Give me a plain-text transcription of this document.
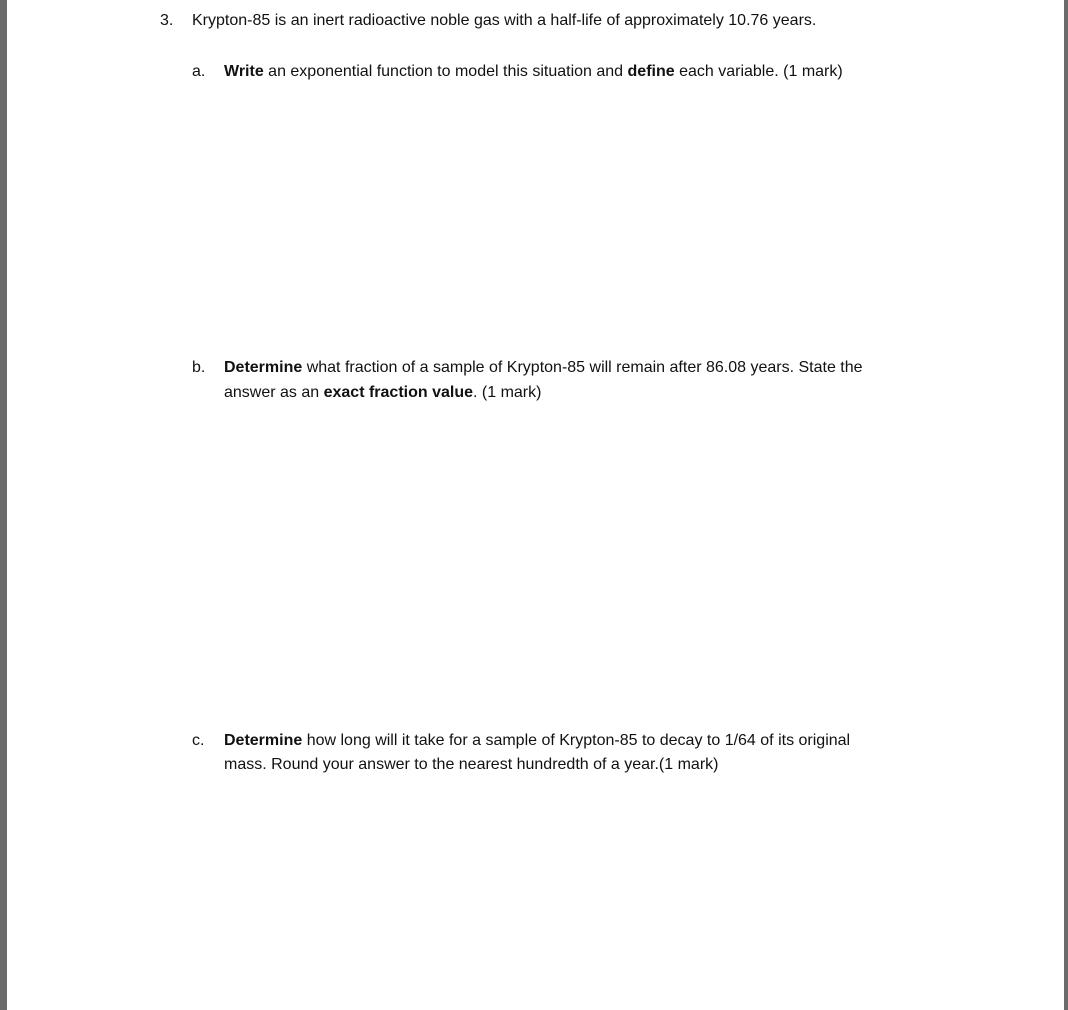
3. Krypton-85 is an inert radioactive noble gas with a half-life of approximately 10.76 years.
a. Write an exponential function to model this situation and define each variable. (1 mark)
b. Determine what fraction of a sample of Krypton-85 will remain after 86.08 years. State the
answer as an exact fraction value. (1 mark)
c. Determine how long will it take for a sample of Krypton-85 to decay to 1/64 of its original
mass. Round your answer to the nearest hundredth of a year.(1 mark)
